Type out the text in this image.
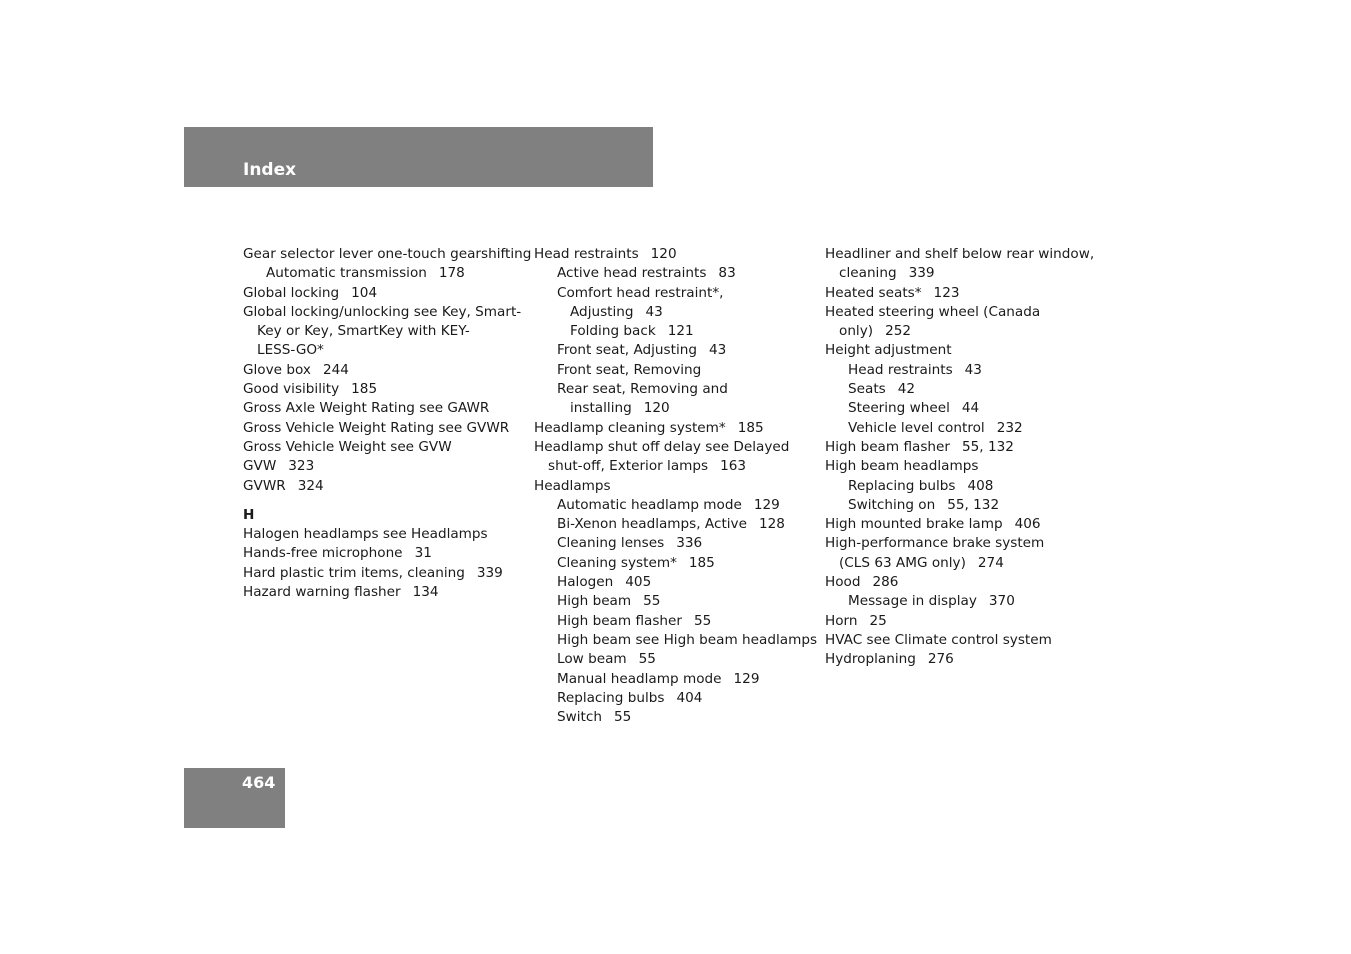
Index
Gear selector lever one-touch gearshifting
Automatic transmission 178
Global locking 104
Global locking/unlocking see Key, Smart-
Key or Key, SmartKey with KEY-
LESS-GO*
Glove box 244
Good visibility 185
Gross Axle Weight Rating see GAWR
Gross Vehicle Weight Rating see GVWR
Gross Vehicle Weight see GVW
GVW 323
GVWR 324
H
Halogen headlamps see Headlamps
Hands-free microphone 31
Hard plastic trim items, cleaning 339
Hazard warning flasher 134
Head restraints 120
Active head restraints 83
Comfort head restraint*,
Adjusting 43
Folding back 121
Front seat, Adjusting 43
Front seat, Removing
Rear seat, Removing and
installing 120
Headlamp cleaning system* 185
Headlamp shut off delay see Delayed
shut-off, Exterior lamps 163
Headlamps
Automatic headlamp mode 129
Bi-Xenon headlamps, Active 128
Cleaning lenses 336
Cleaning system* 185
Halogen 405
High beam 55
High beam flasher 55
High beam see High beam headlamps
Low beam 55
Manual headlamp mode 129
Replacing bulbs 404
Switch 55
Headliner and shelf below rear window,
cleaning 339
Heated seats* 123
Heated steering wheel (Canada
only) 252
Height adjustment
Head restraints 43
Seats 42
Steering wheel 44
Vehicle level control 232
High beam flasher 55, 132
High beam headlamps
Replacing bulbs 408
Switching on 55, 132
High mounted brake lamp 406
High-performance brake system
(CLS 63 AMG only) 274
Hood 286
Message in display 370
Horn 25
HVAC see Climate control system
Hydroplaning 276
464
